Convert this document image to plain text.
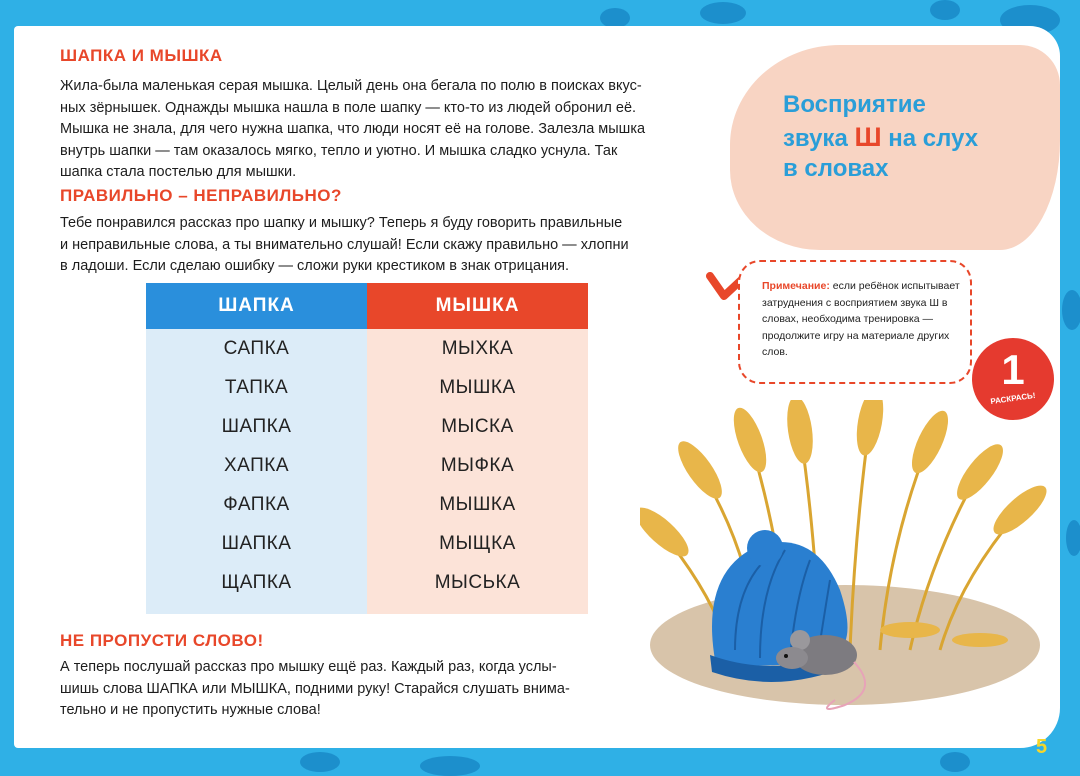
ШАПКА И МЫШКА
Жила-была маленькая серая мышка. Целый день она бегала по полю в поисках вкус-
ных зёрнышек. Однажды мышка нашла в поле шапку — кто-то из людей обронил её.
Мышка не знала, для чего нужна шапка, что люди носят её на голове. Залезла мышка
внутрь шапки — там оказалось мягко, тепло и уютно. И мышка сладко уснула. Так
шапка стала постелью для мышки.
ПРАВИЛЬНО – НЕПРАВИЛЬНО?
Тебе понравился рассказ про шапку и мышку? Теперь я буду говорить правильные
и неправильные слова, а ты внимательно слушай! Если скажу правильно — хлопни
в ладоши. Если сделаю ошибку — сложи руки крестиком в знак отрицания.
ШАПКА
САПКА
ТАПКА
ШАПКА
ХАПКА
ФАПКА
ШАПКА
ЩАПКА
МЫШКА
МЫХКА
МЫШКА
МЫСКА
МЫФКА
МЫШКА
МЫЩКА
МЫСЬКА
НЕ ПРОПУСТИ СЛОВО!
А теперь послушай рассказ про мышку ещё раз. Каждый раз, когда услы-
шишь слова ШАПКА или МЫШКА, подними руку! Старайся слушать внима-
тельно и не пропустить нужные слова!
Восприятие
звука Ш на слух
в словах

Примечание: если ребёнок испытывает затруднения с восприятием звука Ш в словах, необходима тренировка — продолжите игру на материале других слов.	1
РАСКРАСЬ!
5
